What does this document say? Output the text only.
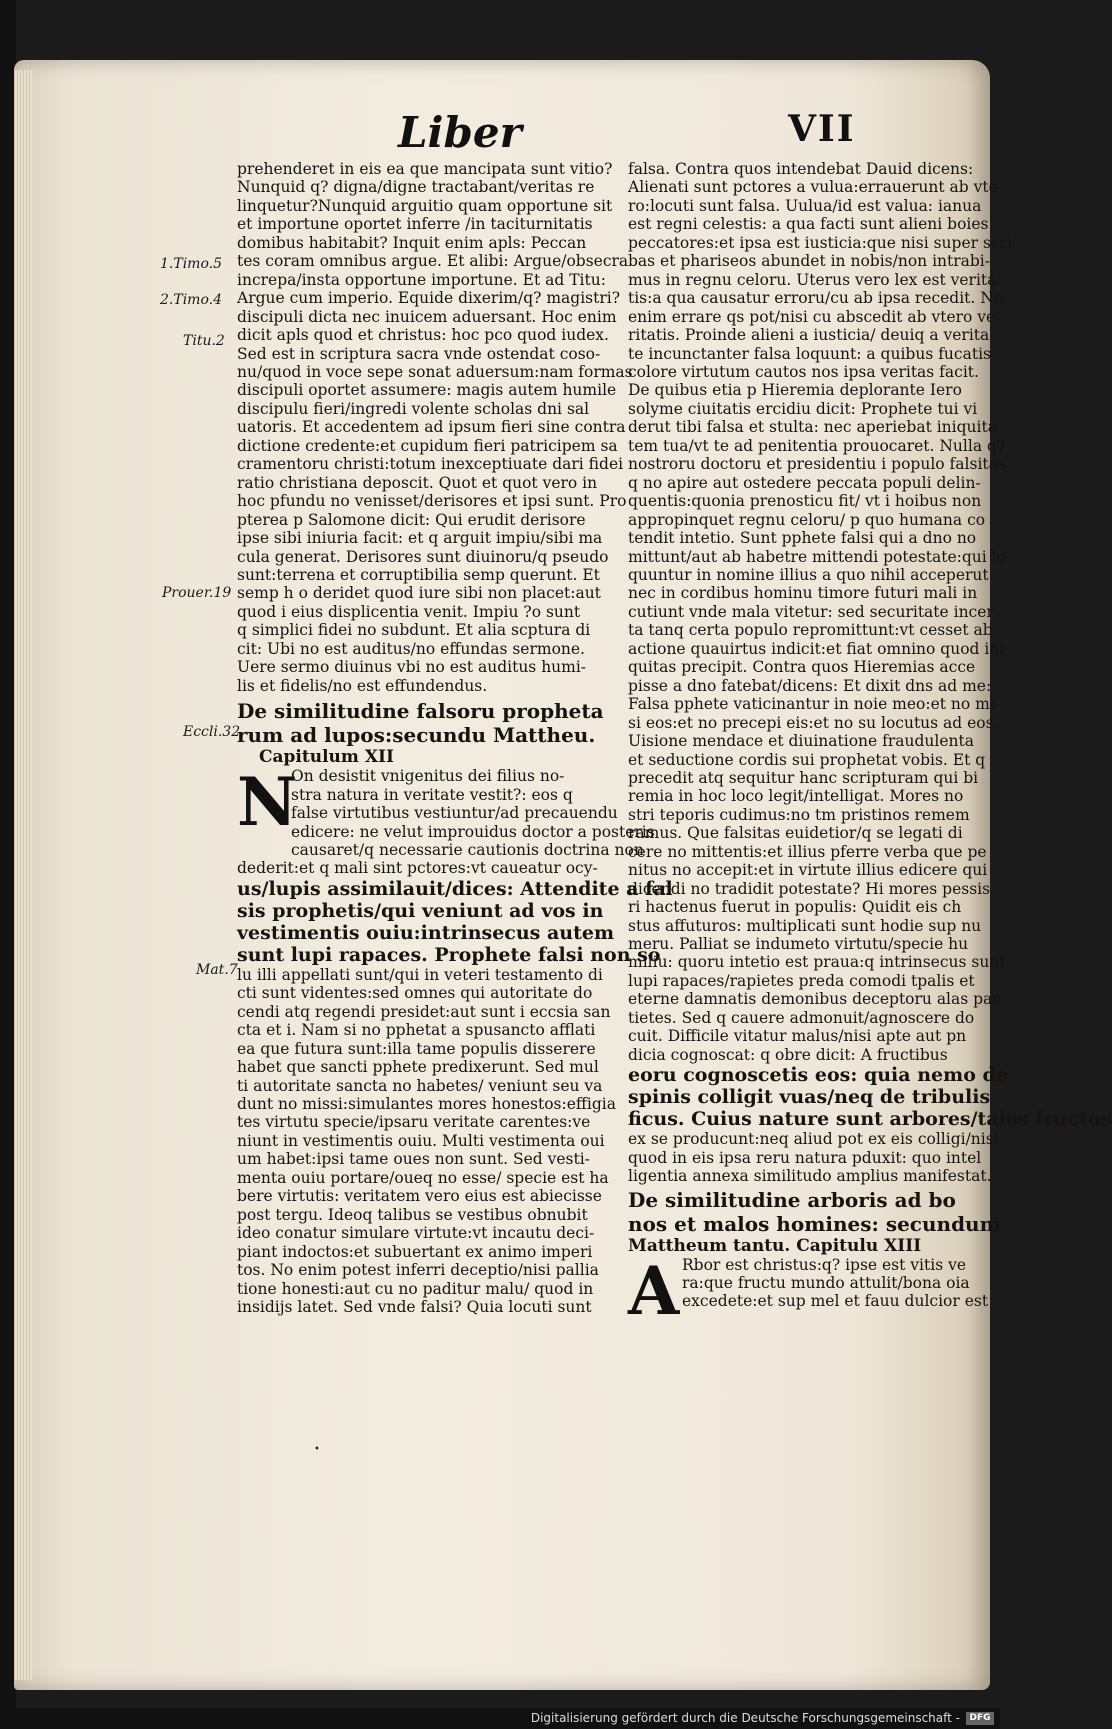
Liber	VII
1.Timo.5
2.Timo.4
Titu.2
Prouer.19
Eccli.32
Mat.7

prehenderet in eis ea que mancipata sunt vitio?

Nunquid q? digna/digne tractabant/veritas re

linquetur?Nunquid arguitio quam opportune sit

et importune oportet inferre /in taciturnitatis

domibus habitabit? Inquit enim apls: Peccan

tes coram omnibus argue. Et alibi: Argue/obsecra

increpa/insta opportune importune. Et ad Titu:

Argue cum imperio. Equide dixerim/q? magistri?

discipuli dicta nec inuicem aduersant. Hoc enim

dicit apls quod et christus: hoc pco quod iudex.

Sed est in scriptura sacra vnde ostendat coso-

nu/quod in voce sepe sonat aduersum:nam formas

discipuli oportet assumere: magis autem humile

discipulu fieri/ingredi volente scholas dni sal

uatoris. Et accedentem ad ipsum fieri sine contra

dictione credente:et cupidum fieri patricipem sa

cramentoru christi:totum inexceptiuate dari fidei

ratio christiana deposcit. Quot et quot vero in

hoc pfundu no venisset/derisores et ipsi sunt. Pro

pterea p Salomone dicit: Qui erudit derisore

ipse sibi iniuria facit: et q arguit impiu/sibi ma

cula generat. Derisores sunt diuinoru/q pseudo

sunt:terrena et corruptibilia semp querunt. Et

semp h o deridet quod iure sibi non placet:aut

quod i eius displicentia venit. Impiu ?o sunt

q simplici fidei no subdunt. Et alia scptura di

cit: Ubi no est auditus/no effundas sermone.

Uere sermo diuinus vbi no est auditus humi-

lis et fidelis/no est effundendus.

De similitudine falsoru propheta

rum ad lupos:secundu Mattheu.

Capitulum XII

N

On desistit vnigenitus dei filius no-

stra natura in veritate vestit?: eos q

false virtutibus vestiuntur/ad precauendu

edicere: ne velut improuidus doctor a posteris

causaret/q necessarie cautionis doctrina non

dederit:et q mali sint pctores:vt caueatur ocy-

us/lupis assimilauit/dices: Attendite a fal

sis prophetis/qui veniunt ad vos in

vestimentis ouiu:intrinsecus autem

sunt lupi rapaces. Prophete falsi non so

lu illi appellati sunt/qui in veteri testamento di

cti sunt videntes:sed omnes qui autoritate do

cendi atq regendi presidet:aut sunt i eccsia san

cta et i. Nam si no pphetat a spusancto afflati

ea que futura sunt:illa tame populis disserere

habet que sancti pphete predixerunt. Sed mul

ti autoritate sancta no habetes/ veniunt seu va

dunt no missi:simulantes mores honestos:effigia

tes virtutu specie/ipsaru veritate carentes:ve

niunt in vestimentis ouiu. Multi vestimenta oui

um habet:ipsi tame oues non sunt. Sed vesti-

menta ouiu portare/oueq no esse/ specie est ha

bere virtutis: veritatem vero eius est abiecisse

post tergu. Ideoq talibus se vestibus obnubit

ideo conatur simulare virtute:vt incautu deci-

piant indoctos:et subuertant ex animo imperi

tos. No enim potest inferri deceptio/nisi pallia

tione honesti:aut cu no paditur malu/ quod in

insidijs latet. Sed vnde falsi? Quia locuti sunt

falsa. Contra quos intendebat Dauid dicens:

Alienati sunt pctores a vulua:errauerunt ab vte

ro:locuti sunt falsa. Uulua/id est valua: ianua

est regni celestis: a qua facti sunt alieni boies

peccatores:et ipsa est iusticia:que nisi super scri

bas et phariseos abundet in nobis/non intrabi-

mus in regnu celoru. Uterus vero lex est verita

tis:a qua causatur erroru/cu ab ipsa recedit. No

enim errare qs pot/nisi cu abscedit ab vtero ve-

ritatis. Proinde alieni a iusticia/ deuiq a verita

te incunctanter falsa loquunt: a quibus fucatis

colore virtutum cautos nos ipsa veritas facit.

De quibus etia p Hieremia deplorante Iero

solyme ciuitatis ercidiu dicit: Prophete tui vi

derut tibi falsa et stulta: nec aperiebat iniquita

tem tua/vt te ad penitentia prouocaret. Nulla q?

nostroru doctoru et presidentiu i populo falsitas

q no apire aut ostedere peccata populi delin-

quentis:quonia prenosticu fit/ vt i hoibus non

appropinquet regnu celoru/ p quo humana co

tendit intetio. Sunt pphete falsi qui a dno no

mittunt/aut ab habetre mittendi potestate:qui lo

quuntur in nomine illius a quo nihil acceperut

nec in cordibus hominu timore futuri mali in

cutiunt vnde mala vitetur: sed securitate incer

ta tanq certa populo repromittunt:vt cesset ab

actione quauirtus indicit:et fiat omnino quod ini

quitas precipit. Contra quos Hieremias acce

pisse a dno fatebat/dicens: Et dixit dns ad me:

Falsa pphete vaticinantur in noie meo:et no mi

si eos:et no precepi eis:et no su locutus ad eos.

Uisione mendace et diuinatione fraudulenta

et seductione cordis sui prophetat vobis. Et q

precedit atq sequitur hanc scripturam qui bi

remia in hoc loco legit/intelligat. Mores no

stri teporis cudimus:no tm pristinos remem

ramus. Que falsitas euidetior/q se legati di

cere no mittentis:et illius pferre verba que pe

nitus no accepit:et in virtute illius edicere qui

dicendi no tradidit potestate? Hi mores pessis

ri hactenus fuerut in populis: Quidit eis ch

stus affuturos: multiplicati sunt hodie sup nu

meru. Palliat se indumeto virtutu/specie hu

miliu: quoru intetio est praua:q intrinsecus sunt

lupi rapaces/rapietes preda comodi tpalis et

eterne damnatis demonibus deceptoru alas par

tietes. Sed q cauere admonuit/agnoscere do

cuit. Difficile vitatur malus/nisi apte aut pn

dicia cognoscat: q obre dicit: A fructibus

eoru cognoscetis eos: quia nemo de

spinis colligit vuas/neq de tribulis

ficus. Cuius nature sunt arbores/tales fructus

ex se producunt:neq aliud pot ex eis colligi/nisi

quod in eis ipsa reru natura pduxit: quo intel

ligentia annexa similitudo amplius manifestat.

De similitudine arboris ad bo

nos et malos homines: secundum

Mattheum tantu. Capitulu XIII

A Rbor est christus:q? ipse est vitis ve

ra:que fructu mundo attulit/bona oia

excedete:et sup mel et fauu dulcior est

•
Digitalisierung gefördert durch die Deutsche Forschungsgemeinschaft -	DFG
